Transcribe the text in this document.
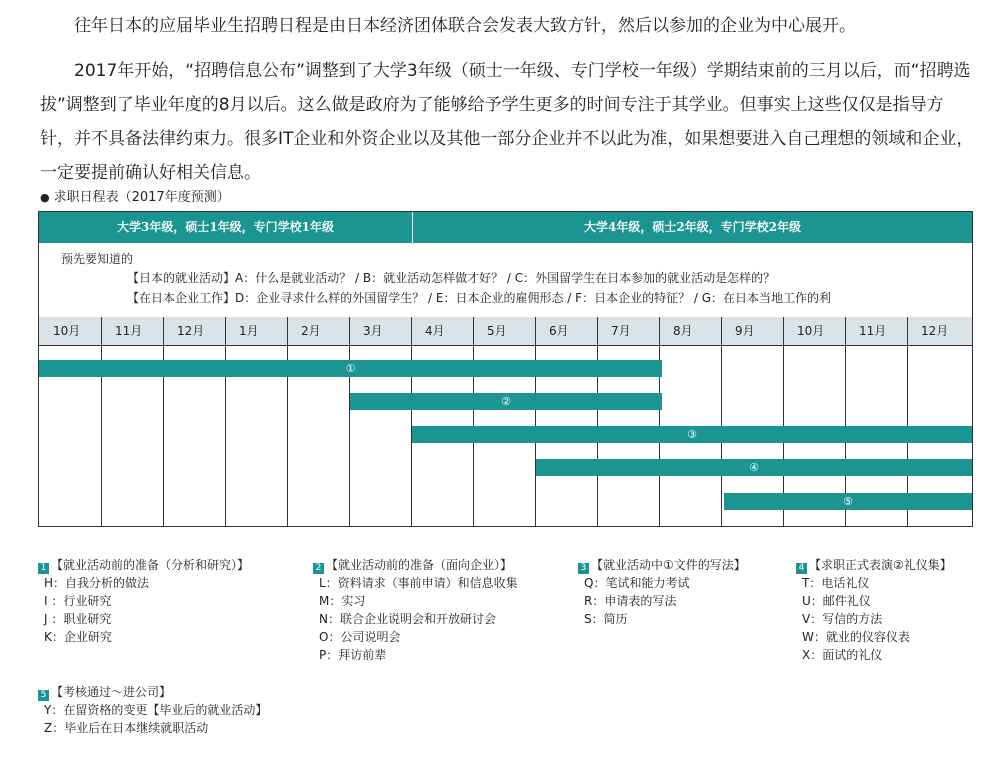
往年日本的应届毕业生招聘日程是由日本经济团体联合会发表大致方针，然后以参加的企业为中心展开。

2017年开始，“招聘信息公布”调整到了大学3年级（硕士一年级、专门学校一年级）学期结束前的三月以后，而“招聘选拔”调整到了毕业年度的8月以后。这么做是政府为了能够给予学生更多的时间专注于其学业。但事实上这些仅仅是指导方针，并不具备法律约束力。很多IT企业和外资企业以及其他一部分企业并不以此为准，如果想要进入自己理想的领域和企业，一定要提前确认好相关信息。

● 求职日程表（2017年度预测）
大学3年级，硕士1年级，专门学校1年级	大学4年级，硕士2年级，专门学校2年级
预先要知道的
【日本的就业活动】A：什么是就业活动？ / B：就业活动怎样做才好？ / C：外国留学生在日本参加的就业活动是怎样的？
【在日本企业工作】D：企业寻求什么样的外国留学生？ / E：日本企业的雇佣形态 / F：日本企业的特征？ / G：在日本当地工作的利
10月	11月	12月	1月	2月	3月	4月	5月	6月	7月	8月	9月	10月	11月	12月
①
②
③
④
⑤
1 【就业活动前的准备（分析和研究）】
H：自我分析的做法
I ：行业研究
J ：职业研究
K：企业研究
2 【就业活动前的准备（面向企业）】
L：资料请求（事前申请）和信息收集
M：实习
N：联合企业说明会和开放研讨会
O：公司说明会
P：拜访前辈
3 【就业活动中①文件的写法】
Q：笔试和能力考试
R：申请表的写法
S：简历
4 【求职正式表演②礼仪集】
T：电话礼仪
U：邮件礼仪
V：写信的方法
W：就业的仪容仪表
X：面试的礼仪
5 【考核通过～进公司】
Y：在留资格的变更【毕业后的就业活动】
Z：毕业后在日本继续就职活动
